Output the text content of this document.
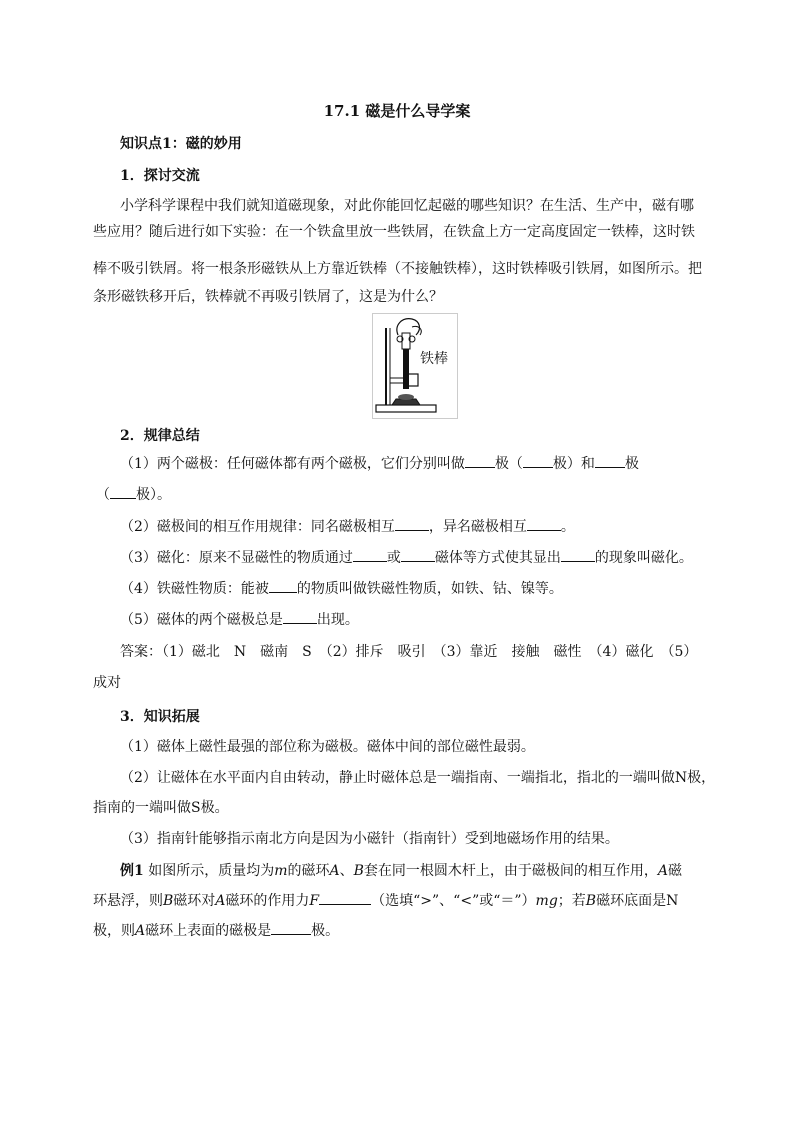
17.1 磁是什么导学案
知识点1：磁的妙用
1．探讨交流
小学科学课程中我们就知道磁现象，对此你能回忆起磁的哪些知识？在生活、生产中，磁有哪
些应用？随后进行如下实验：在一个铁盒里放一些铁屑，在铁盒上方一定高度固定一铁棒，这时铁
棒不吸引铁屑。将一根条形磁铁从上方靠近铁棒（不接触铁棒），这时铁棒吸引铁屑，如图所示。把
条形磁铁移开后，铁棒就不再吸引铁屑了，这是为什么？
铁棒
2．规律总结
（1）两个磁极：任何磁体都有两个磁极，它们分别叫做 极（ 极）和 极
（ 极）。
（2）磁极间的相互作用规律：同名磁极相互 ，异名磁极相互 。
（3）磁化：原来不显磁性的物质通过 或 磁体等方式使其显出 的现象叫磁化。
（4）铁磁性物质：能被 的物质叫做铁磁性物质，如铁、钴、镍等。
（5）磁体的两个磁极总是 出现。
答案：（1）磁北　N　磁南　S　（2）排斥　吸引　（3）靠近　接触　磁性　（4）磁化　（5）
成对
3．知识拓展
（1）磁体上磁性最强的部位称为磁极。磁体中间的部位磁性最弱。
（2）让磁体在水平面内自由转动，静止时磁体总是一端指南、一端指北，指北的一端叫做N极，
指南的一端叫做S极。
（3）指南针能够指示南北方向是因为小磁针（指南针）受到地磁场作用的结果。
例1 如图所示，质量均为m的磁环A、B套在同一根圆木杆上，由于磁极间的相互作用，A磁
环悬浮，则B磁环对A磁环的作用力F	（选填“>”、“<”或“＝”）mg；若B磁环底面是N
极，则A磁环上表面的磁极是	极。
